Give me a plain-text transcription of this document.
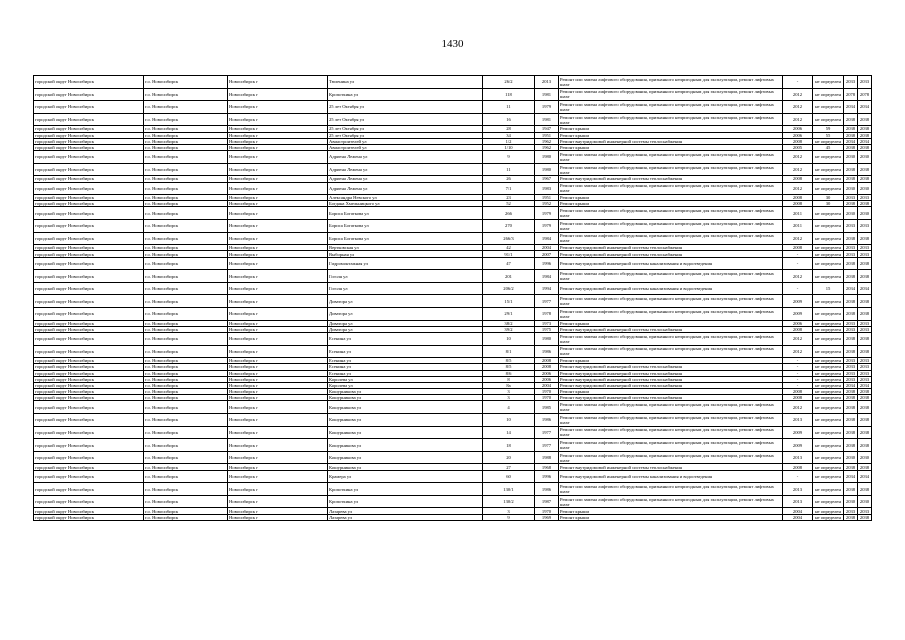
1430
городской округ Новосибирск	г.о. Новосибирск	Новосибирск г	Тюленина ул	26/2	2013	Ремонт или замена лифтового оборудования, признанного непригодным для эксплуатации, ремонт лифтовых шахт	-	не определен	2033	2033
городской округ Новосибирск	г.о. Новосибирск	Новосибирск г	Кропоткина ул	118	1981	Ремонт или замена лифтового оборудования, признанного непригодным для эксплуатации, ремонт лифтовых шахт	2012	не определен	2078	2078
городской округ Новосибирск	г.о. Новосибирск	Новосибирск г	25 лет Октября ул	11	1979	Ремонт или замена лифтового оборудования, признанного непригодным для эксплуатации, ремонт лифтовых шахт	2012	не определен	2034	2034
городской округ Новосибирск	г.о. Новосибирск	Новосибирск г	25 лет Октября ул	16	1981	Ремонт или замена лифтового оборудования, признанного непригодным для эксплуатации, ремонт лифтовых шахт	2012	не определен	2038	2038
городской округ Новосибирск	г.о. Новосибирск	Новосибирск г	25 лет Октября ул	28	1947	Ремонт крыши	2006	59	2038	2038
городской округ Новосибирск	г.о. Новосибирск	Новосибирск г	25 лет Октября ул	34	1951	Ремонт крыши	2006	55	2038	2038
городской округ Новосибирск	г.о. Новосибирск	Новосибирск г	Авиастроителей ул	1/2	1962	Ремонт внутридомовой инженерной системы теплоснабжения	2008	не определен	2034	2034
городской округ Новосибирск	г.о. Новосибирск	Новосибирск г	Авиастроителей ул	1/10	1962	Ремонт крыши	2005	45	2038	2038
городской округ Новосибирск	г.о. Новосибирск	Новосибирск г	Адриена Лежена ул	9	1980	Ремонт или замена лифтового оборудования, признанного непригодным для эксплуатации, ремонт лифтовых шахт	2012	не определен	2030	2030
городской округ Новосибирск	г.о. Новосибирск	Новосибирск г	Адриена Лежена ул	11	1980	Ремонт или замена лифтового оборудования, признанного непригодным для эксплуатации, ремонт лифтовых шахт	2012	не определен	2038	2038
городской округ Новосибирск	г.о. Новосибирск	Новосибирск г	Адриена Лежена ул	26	1967	Ремонт внутридомовой инженерной системы теплоснабжения	2008	не определен	2038	2038
городской округ Новосибирск	г.о. Новосибирск	Новосибирск г	Адриена Лежена ул	7/1	1983	Ремонт или замена лифтового оборудования, признанного непригодным для эксплуатации, ремонт лифтовых шахт	2012	не определен	2030	2030
городской округ Новосибирск	г.о. Новосибирск	Новосибирск г	Александра Невского ул	23	1951	Ремонт крыши	2008	30	2033	2033
городской округ Новосибирск	г.о. Новосибирск	Новосибирск г	Богдана Хмельницкого ул	52	1952	Ремонт крыши	2008	30	2038	2038
городской округ Новосибирск	г.о. Новосибирск	Новосибирск г	Бориса Богаткова ул	266	1979	Ремонт или замена лифтового оборудования, признанного непригодным для эксплуатации, ремонт лифтовых шахт	2011	не определен	2030	2030
городской округ Новосибирск	г.о. Новосибирск	Новосибирск г	Бориса Богаткова ул	270	1979	Ремонт или замена лифтового оборудования, признанного непригодным для эксплуатации, ремонт лифтовых шахт	2011	не определен	2033	2033
городской округ Новосибирск	г.о. Новосибирск	Новосибирск г	Бориса Богаткова ул	266/3	1984	Ремонт или замена лифтового оборудования, признанного непригодным для эксплуатации, ремонт лифтовых шахт	2012	не определен	2038	2038
городской округ Новосибирск	г.о. Новосибирск	Новосибирск г	Вертковская ул	42	2004	Ремонт внутридомовой инженерной системы теплоснабжения	2008	не определен	2033	2033
городской округ Новосибирск	г.о. Новосибирск	Новосибирск г	Выборная ул	91/1	2007	Ремонт внутридомовой инженерной системы теплоснабжения	-	не определен	2033	2033
городской округ Новосибирск	г.о. Новосибирск	Новосибирск г	Гидромонтажная ул	47	1996	Ремонт внутридомовой инженерной системы канализования и водоотведения	-	не определен	2038	2038
городской округ Новосибирск	г.о. Новосибирск	Новосибирск г	Гоголя ул	201	1984	Ремонт или замена лифтового оборудования, признанного непригодным для эксплуатации, ремонт лифтовых шахт	2012	не определен	2038	2038
городской округ Новосибирск	г.о. Новосибирск	Новосибирск г	Гоголя ул	206/2	1994	Ремонт внутридомовой инженерной системы канализования и водоотведения	-	15	2034	2034
городской округ Новосибирск	г.о. Новосибирск	Новосибирск г	Доватора ул	15/1	1977	Ремонт или замена лифтового оборудования, признанного непригодным для эксплуатации, ремонт лифтовых шахт	2009	не определен	2038	2038
городской округ Новосибирск	г.о. Новосибирск	Новосибирск г	Доватора ул	29/1	1978	Ремонт или замена лифтового оборудования, признанного непригодным для эксплуатации, ремонт лифтовых шахт	2009	не определен	2038	2038
городской округ Новосибирск	г.о. Новосибирск	Новосибирск г	Доватора ул	38/2	1973	Ремонт крыши	2006	не определен	2033	2033
городской округ Новосибирск	г.о. Новосибирск	Новосибирск г	Доватора ул	39/2	1975	Ремонт внутридомовой инженерной системы теплоснабжения	2008	не определен	2033	2033
городской округ Новосибирск	г.о. Новосибирск	Новосибирск г	Есенина ул	10	1980	Ремонт или замена лифтового оборудования, признанного непригодным для эксплуатации, ремонт лифтовых шахт	2012	не определен	2038	2038
городской округ Новосибирск	г.о. Новосибирск	Новосибирск г	Есенина ул	8/1	1986	Ремонт или замена лифтового оборудования, признанного непригодным для эксплуатации, ремонт лифтовых шахт	2012	не определен	2038	2038
городской округ Новосибирск	г.о. Новосибирск	Новосибирск г	Есенина ул	8/5	2008	Ремонт крыши	-	не определен	2033	2033
городской округ Новосибирск	г.о. Новосибирск	Новосибирск г	Есенина ул	8/5	2008	Ремонт внутридомовой инженерной системы теплоснабжения	-	не определен	2033	2033
городской округ Новосибирск	г.о. Новосибирск	Новосибирск г	Есенина ул	8/6	2006	Ремонт внутридомовой инженерной системы теплоснабжения	-	не определен	2033	2033
городской округ Новосибирск	г.о. Новосибирск	Новосибирск г	Королева ул	8	2006	Ремонт внутридомовой инженерной системы теплоснабжения	-	не определен	2033	2033
городской округ Новосибирск	г.о. Новосибирск	Новосибирск г	Королева ул	8а	2004	Ремонт внутридомовой инженерной системы теплоснабжения	-	не определен	2034	2034
городской округ Новосибирск	г.о. Новосибирск	Новосибирск г	Кошурникова ул	3	1970	Ремонт крыши	2008	не определен	2038	2038
городской округ Новосибирск	г.о. Новосибирск	Новосибирск г	Кошурникова ул	3	1970	Ремонт внутридомовой инженерной системы теплоснабжения	2008	не определен	2038	2038
городской округ Новосибирск	г.о. Новосибирск	Новосибирск г	Кошурникова ул	4	1985	Ремонт или замена лифтового оборудования, признанного непригодным для эксплуатации, ремонт лифтовых шахт	2012	не определен	2038	2038
городской округ Новосибирск	г.о. Новосибирск	Новосибирск г	Кошурникова ул	10	1986	Ремонт или замена лифтового оборудования, признанного непригодным для эксплуатации, ремонт лифтовых шахт	2013	не определен	2038	2038
городской округ Новосибирск	г.о. Новосибирск	Новосибирск г	Кошурникова ул	14	1977	Ремонт или замена лифтового оборудования, признанного непригодным для эксплуатации, ремонт лифтовых шахт	2009	не определен	2038	2038
городской округ Новосибирск	г.о. Новосибирск	Новосибирск г	Кошурникова ул	18	1977	Ремонт или замена лифтового оборудования, признанного непригодным для эксплуатации, ремонт лифтовых шахт	2009	не определен	2038	2038
городской округ Новосибирск	г.о. Новосибирск	Новосибирск г	Кошурникова ул	20	1988	Ремонт или замена лифтового оборудования, признанного непригодным для эксплуатации, ремонт лифтовых шахт	2013	не определен	2030	2030
городской округ Новосибирск	г.о. Новосибирск	Новосибирск г	Кошурникова ул	27	1968	Ремонт внутридомовой инженерной системы теплоснабжения	2008	не определен	2038	2038
городской округ Новосибирск	г.о. Новосибирск	Новосибирск г	Крамера ул	60	1996	Ремонт внутридомовой инженерной системы канализования и водоотведения	-	не определен	2034	2034
городской округ Новосибирск	г.о. Новосибирск	Новосибирск г	Кропоткина ул	130/1	1986	Ремонт или замена лифтового оборудования, признанного непригодным для эксплуатации, ремонт лифтовых шахт	2013	не определен	2038	2038
городской округ Новосибирск	г.о. Новосибирск	Новосибирск г	Кропоткина ул	130/2	1987	Ремонт или замена лифтового оборудования, признанного непригодным для эксплуатации, ремонт лифтовых шахт	2013	не определен	2030	2030
городской округ Новосибирск	г.о. Новосибирск	Новосибирск г	Лазарева ул	3	1970	Ремонт крыши	2004	не определен	2033	2033
городской округ Новосибирск	г.о. Новосибирск	Новосибирск г	Лазарева ул	9	1969	Ремонт крыши	2004	не определен	2038	2038
